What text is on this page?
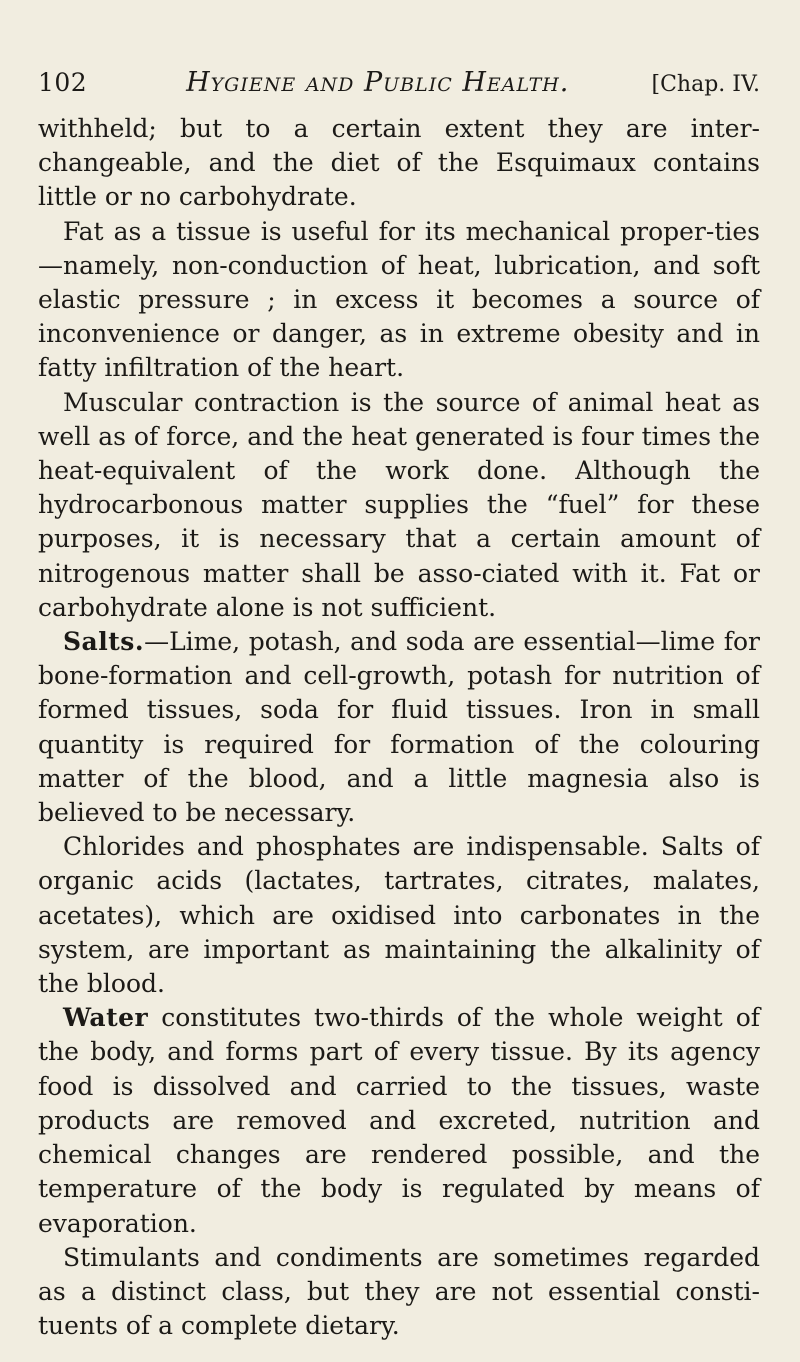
102	Hygiene and Public Health.	[Chap. IV.

withheld; but to a certain extent they are inter-changeable, and the diet of the Esquimaux contains little or no carbohydrate.

Fat as a tissue is useful for its mechanical proper-ties—namely, non-conduction of heat, lubrication, and soft elastic pressure ; in excess it becomes a source of inconvenience or danger, as in extreme obesity and in fatty infiltration of the heart.

Muscular contraction is the source of animal heat as well as of force, and the heat generated is four times the heat-equivalent of the work done. Although the hydrocarbonous matter supplies the “fuel” for these purposes, it is necessary that a certain amount of nitrogenous matter shall be asso-ciated with it. Fat or carbohydrate alone is not sufficient.

Salts.—Lime, potash, and soda are essential—lime for bone-formation and cell-growth, potash for nutrition of formed tissues, soda for fluid tissues. Iron in small quantity is required for formation of the colouring matter of the blood, and a little magnesia also is believed to be necessary.

Chlorides and phosphates are indispensable. Salts of organic acids (lactates, tartrates, citrates, malates, acetates), which are oxidised into carbonates in the system, are important as maintaining the alkalinity of the blood.

Water constitutes two-thirds of the whole weight of the body, and forms part of every tissue. By its agency food is dissolved and carried to the tissues, waste products are removed and excreted, nutrition and chemical changes are rendered possible, and the temperature of the body is regulated by means of evaporation.

Stimulants and condiments are sometimes regarded as a distinct class, but they are not essential consti-tuents of a complete dietary.
